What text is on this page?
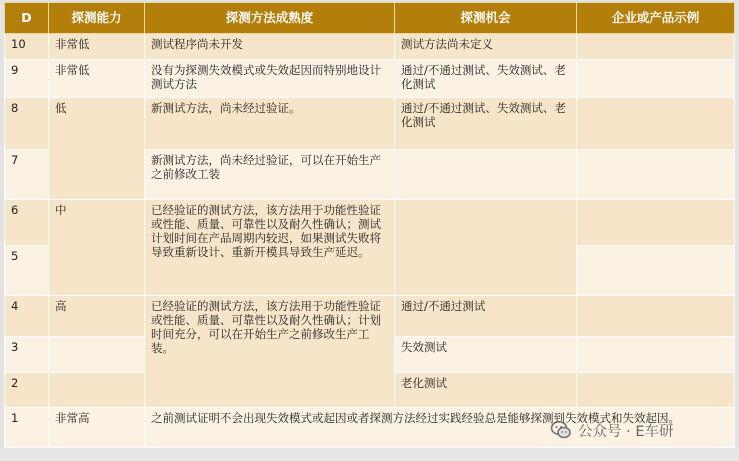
D	探测能力	探测方法成熟度	探测机会	企业或产品示例
10	非常低	测试程序尚未开发	测试方法尚未定义	
9	非常低	没有为探测失效模式或失效起因而特别地设计测试方法	通过/不通过测试、失效测试、老化测试	
8	低	新测试方法，尚未经过验证。	通过/不通过测试、失效测试、老化测试	
7		新测试方法，尚未经过验证，可以在开始生产之前修改工装		
6	中	已经验证的测试方法，该方法用于功能性验证或性能、质量、可靠性以及耐久性确认；测试计划时间在产品周期内较迟，如果测试失败将导致重新设计、重新开模具导致生产延迟。		
5				
4	高	已经验证的测试方法，该方法用于功能性验证或性能、质量、可靠性以及耐久性确认；计划时间充分，可以在开始生产之前修改生产工装。	通过/不通过测试	
3			失效测试	
2			老化测试	
1	非常高	之前测试证明不会出现失效模式或起因或者探测方法经过实践经验总是能够探测到失效模式和失效起因。		
公众号 · E车研
